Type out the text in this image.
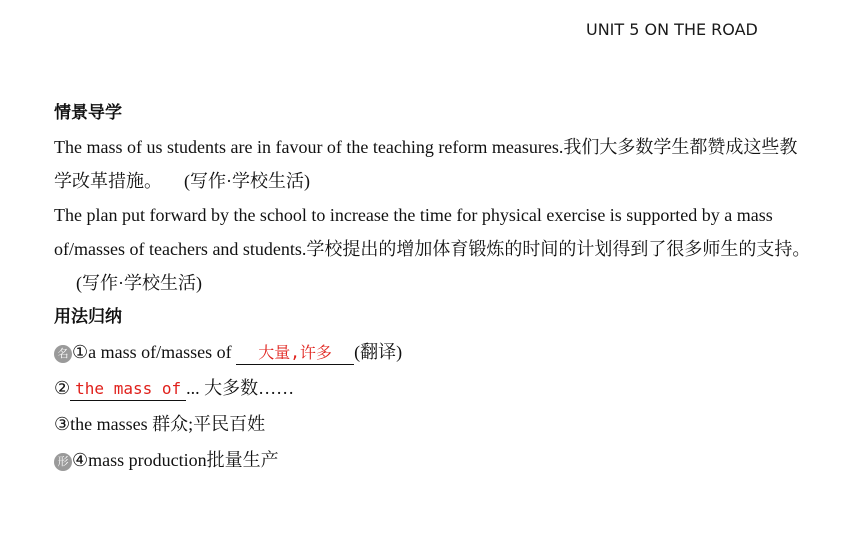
UNIT 5 ON THE ROAD
情景导学

The mass of us students are in favour of the teaching reform measures.我们大多数学生都赞成这些教学改革措施。 (写作·学校生活)

The plan put forward by the school to increase the time for physical exercise is supported by a mass of/masses of teachers and students.学校提出的增加体育锻炼的时间的计划得到了很多师生的支持。(写作·学校生活)

用法归纳
名 ①a mass of/masses of 大量,许多 (翻译)
② the mass of ... 大多数……
③the masses 群众;平民百姓
形 ④mass production批量生产
